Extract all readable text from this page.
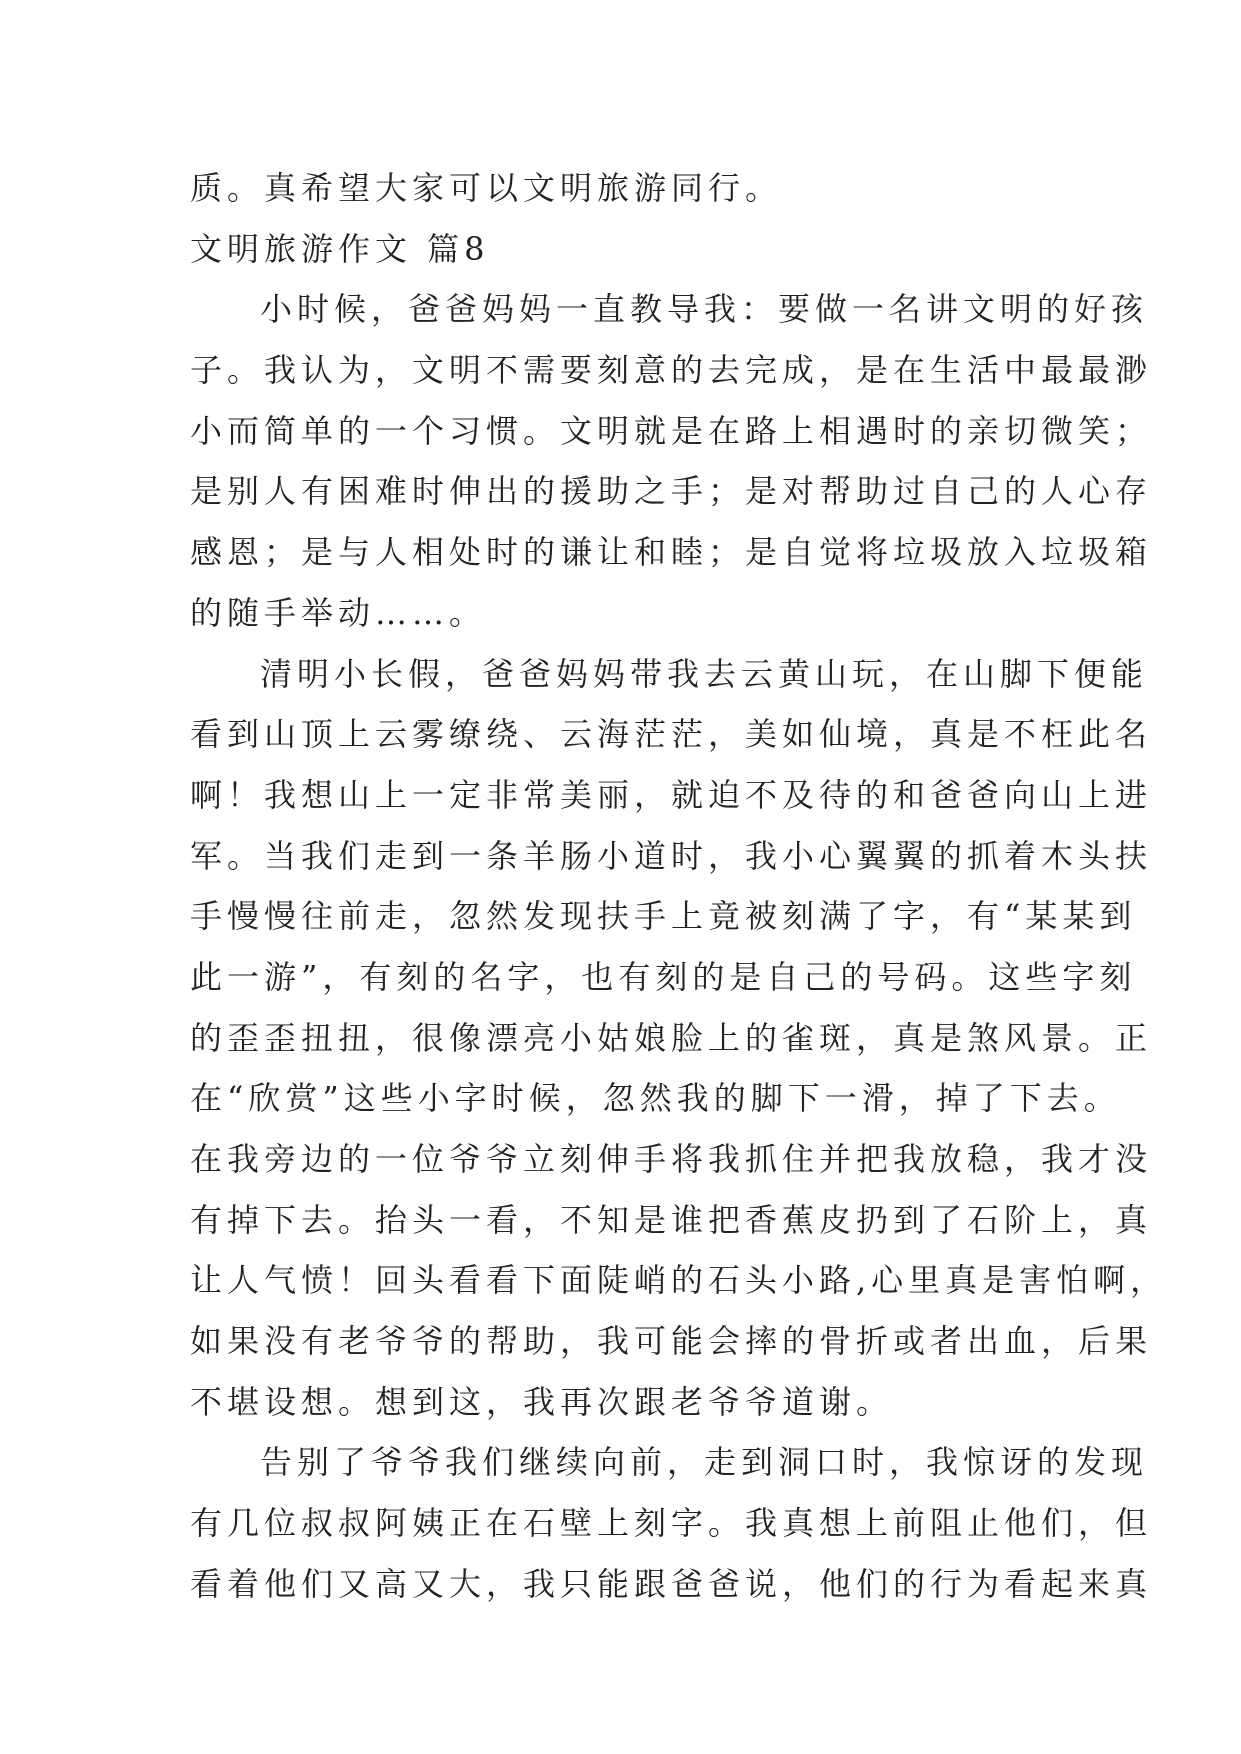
质。真希望大家可以文明旅游同行。
文明旅游作文 篇8
小时候，爸爸妈妈一直教导我：要做一名讲文明的好孩
子。我认为，文明不需要刻意的去完成，是在生活中最最渺
小而简单的一个习惯。文明就是在路上相遇时的亲切微笑；
是别人有困难时伸出的援助之手；是对帮助过自己的人心存
感恩；是与人相处时的谦让和睦；是自觉将垃圾放入垃圾箱
的随手举动……。
清明小长假，爸爸妈妈带我去云黄山玩，在山脚下便能
看到山顶上云雾缭绕、云海茫茫，美如仙境，真是不枉此名
啊！我想山上一定非常美丽，就迫不及待的和爸爸向山上进
军。当我们走到一条羊肠小道时，我小心翼翼的抓着木头扶
手慢慢往前走，忽然发现扶手上竟被刻满了字，有“某某到
此一游”，有刻的名字，也有刻的是自己的号码。这些字刻
的歪歪扭扭，很像漂亮小姑娘脸上的雀斑，真是煞风景。正
在“欣赏”这些小字时候，忽然我的脚下一滑，掉了下去。
在我旁边的一位爷爷立刻伸手将我抓住并把我放稳，我才没
有掉下去。抬头一看，不知是谁把香蕉皮扔到了石阶上，真
让人气愤！回头看看下面陡峭的石头小路,心里真是害怕啊，
如果没有老爷爷的帮助，我可能会摔的骨折或者出血，后果
不堪设想。想到这，我再次跟老爷爷道谢。
告别了爷爷我们继续向前，走到洞口时，我惊讶的发现
有几位叔叔阿姨正在石壁上刻字。我真想上前阻止他们，但
看着他们又高又大，我只能跟爸爸说，他们的行为看起来真
